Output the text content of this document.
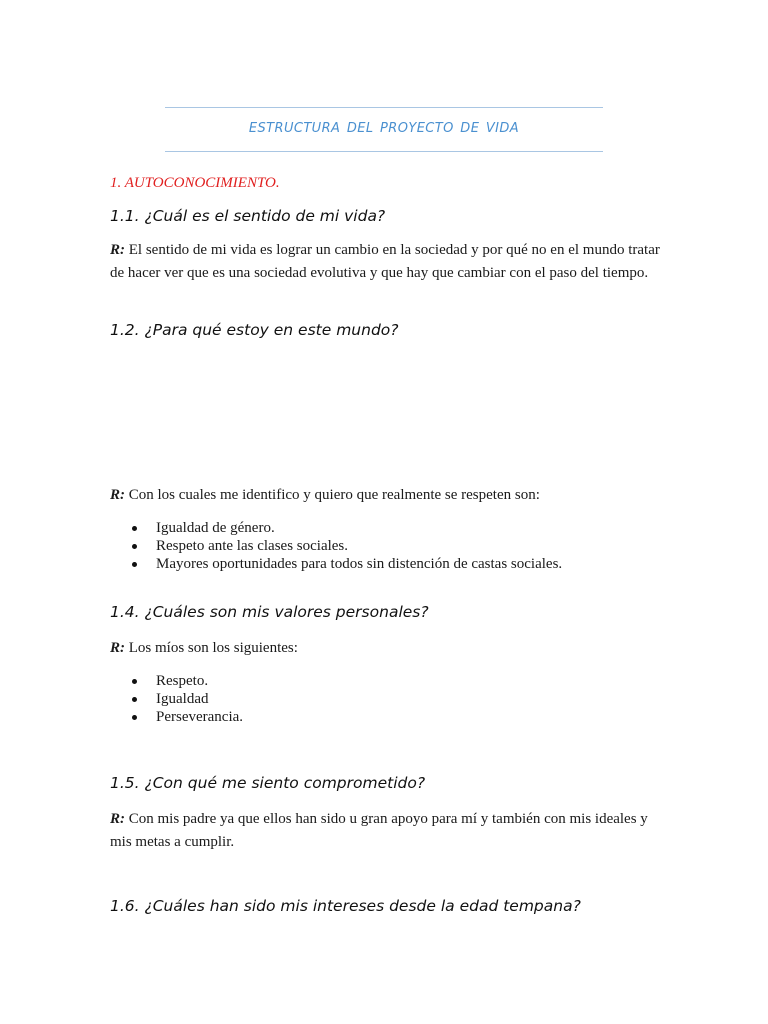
ESTRUCTURA DEL PROYECTO DE VIDA
1. AUTOCONOCIMIENTO.
1.1. ¿Cuál es el sentido de mi vida?
R: El sentido de mi vida es lograr un cambio en la sociedad y por qué no en el mundo tratar de hacer ver que es una sociedad evolutiva y que hay que cambiar con el paso del tiempo.
1.2. ¿Para qué estoy en este mundo?
R: Con los cuales me identifico y quiero que realmente se respeten son:
Igualdad de género.
Respeto ante las clases sociales.
Mayores oportunidades para todos sin distención de castas sociales.
1.4. ¿Cuáles son mis valores personales?
R: Los míos son los siguientes:
Respeto.
Igualdad
Perseverancia.
1.5. ¿Con qué me siento comprometido?
R: Con mis padre ya que ellos han sido u gran apoyo para mí y también con mis ideales y mis metas a cumplir.
1.6. ¿Cuáles han sido mis intereses desde la edad tempana?
